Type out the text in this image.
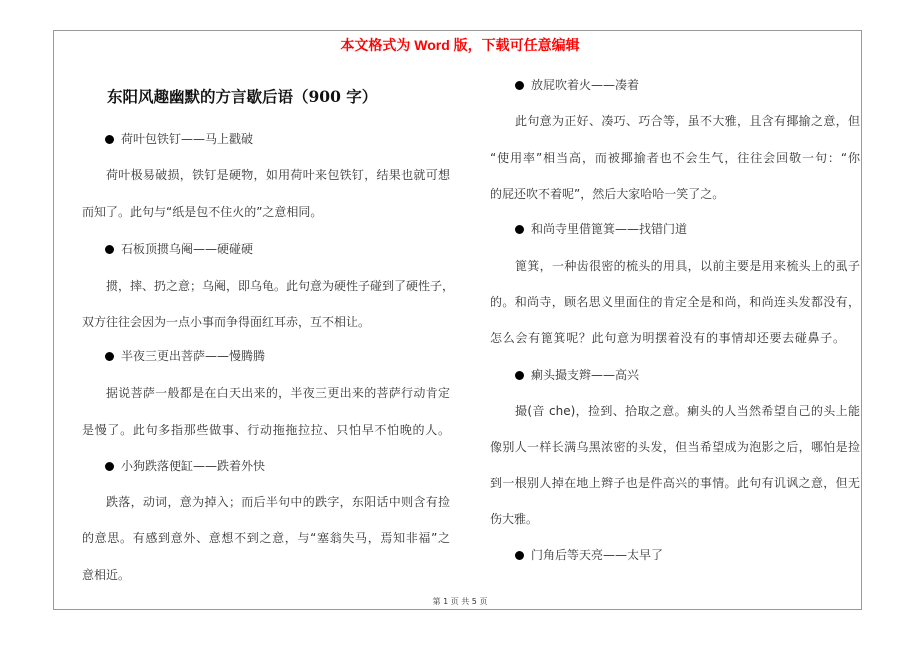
本文格式为 Word 版，下载可任意编辑
东阳风趣幽默的方言歇后语（900 字）
荷叶包铁钉——马上戳破
荷叶极易破损，铁钉是硬物，如用荷叶来包铁钉，结果也就可想
而知了。此句与“纸是包不住火的”之意相同。
石板顶掼乌阉——硬碰硬
掼，摔、扔之意；乌阉，即乌龟。此句意为硬性子碰到了硬性子，
双方往往会因为一点小事而争得面红耳赤，互不相让。
半夜三更出菩萨——慢腾腾
据说菩萨一般都是在白天出来的，半夜三更出来的菩萨行动肯定
是慢了。此句多指那些做事、行动拖拖拉拉、只怕早不怕晚的人。
小狗跌落便缸——跌着外快
跌落，动词，意为掉入；而后半句中的跌字，东阳话中则含有捡
的意思。有感到意外、意想不到之意，与“塞翁失马，焉知非福”之
意相近。
放屁吹着火——凑着
此句意为正好、凑巧、巧合等，虽不大雅，且含有揶揄之意，但
“使用率”相当高，而被揶揄者也不会生气，往往会回敬一句：“你
的屁还吹不着呢”，然后大家哈哈一笑了之。
和尚寺里借篦箕——找错门道
篦箕，一种齿很密的梳头的用具，以前主要是用来梳头上的虱子
的。和尚寺，顾名思义里面住的肯定全是和尚，和尚连头发都没有，
怎么会有篦箕呢？此句意为明摆着没有的事情却还要去碰鼻子。
瘌头撮支辫——高兴
撮(音 che)，捡到、拾取之意。瘌头的人当然希望自己的头上能
像别人一样长满乌黑浓密的头发，但当希望成为泡影之后，哪怕是捡
到一根别人掉在地上辫子也是件高兴的事情。此句有讥讽之意，但无
伤大雅。
门角后等天亮——太早了
第 1 页 共 5 页
